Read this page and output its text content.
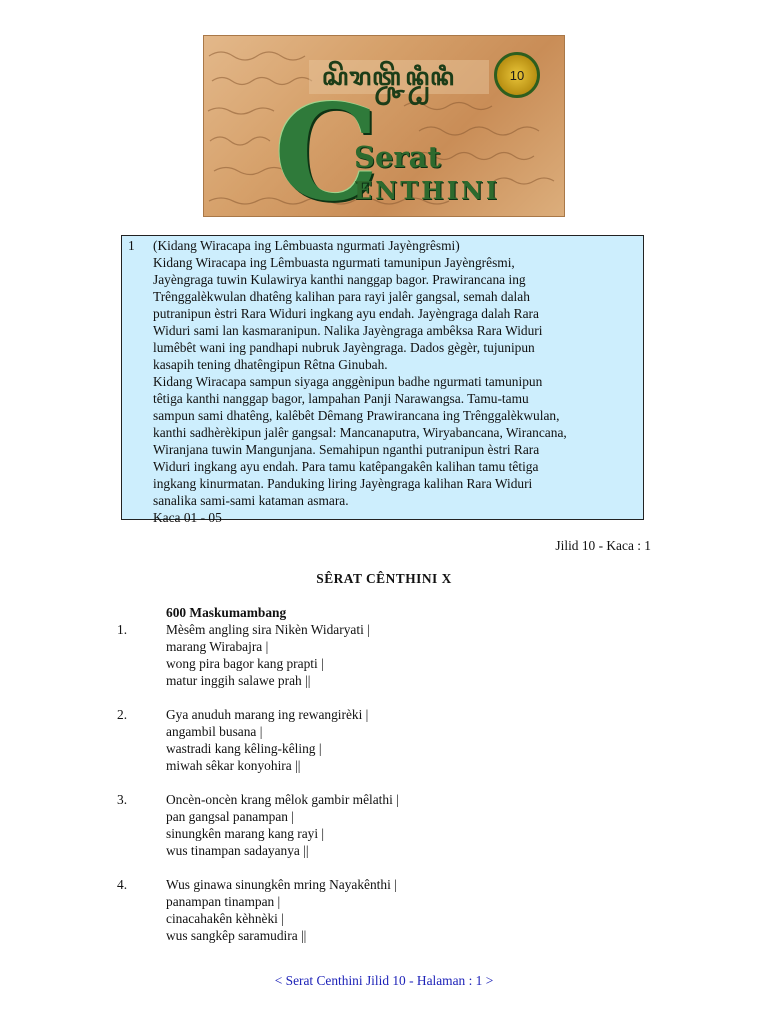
ꦱꦼꦫꦠ꧀ꦕꦼꦤ꧀ꦛꦶꦤꦶ	10
C
Serat
ENTHINI
1 (Kidang Wiracapa ing Lêmbuasta ngurmati Jayèngrêsmi)

Kidang Wiracapa ing Lêmbuasta ngurmati tamunipun Jayèngrêsmi,

Jayèngraga tuwin Kulawirya kanthi nanggap bagor. Prawirancana ing

Trênggalèkwulan dhatêng kalihan para rayi jalêr gangsal, semah dalah

putranipun èstri Rara Widuri ingkang ayu endah. Jayèngraga dalah Rara

Widuri sami lan kasmaranipun. Nalika Jayèngraga ambêksa Rara Widuri

lumêbêt wani ing pandhapi nubruk Jayèngraga. Dados gègèr, tujunipun

kasapih tening dhatêngipun Rêtna Ginubah.

Kidang Wiracapa sampun siyaga anggènipun badhe ngurmati tamunipun

têtiga kanthi nanggap bagor, lampahan Panji Narawangsa. Tamu-tamu

sampun sami dhatêng, kalêbêt Dêmang Prawirancana ing Trênggalèkwulan,

kanthi sadhèrèkipun jalêr gangsal: Mancanaputra, Wiryabancana, Wirancana,

Wiranjana tuwin Mangunjana. Semahipun nganthi putranipun èstri Rara

Widuri ingkang ayu endah. Para tamu katêpangakên kalihan tamu têtiga

ingkang kinurmatan. Panduking liring Jayèngraga kalihan Rara Widuri

sanalika sami-sami kataman asmara.

Kaca 01 - 05

Jilid 10 - Kaca : 1
SÊRAT CÊNTHINI X
600 Maskumambang
1.	Mèsêm angling sira Nikèn Widaryati |
marang Wirabajra |
wong pira bagor kang prapti |
matur inggih salawe prah ||
2.	Gya anuduh marang ing rewangirèki |
angambil busana |
wastradi kang kêling-kêling |
miwah sêkar konyohira ||
3.	Oncèn-oncèn krang mêlok gambir mêlathi |
pan gangsal panampan |
sinungkên marang kang rayi |
wus tinampan sadayanya ||
4.	Wus ginawa sinungkên mring Nayakênthi |
panampan tinampan |
cinacahakên kèhnèki |
wus sangkêp saramudira ||
< Serat Centhini Jilid 10 - Halaman : 1 >
